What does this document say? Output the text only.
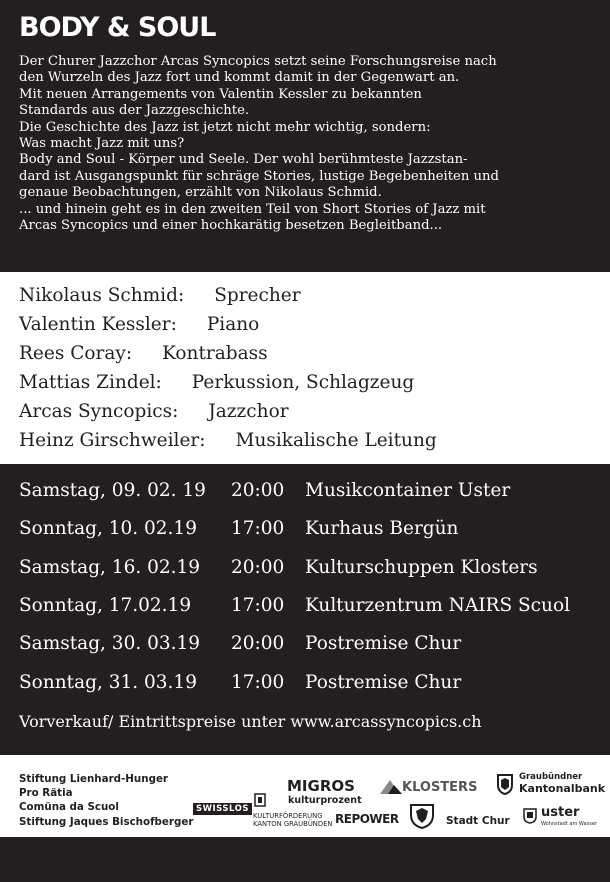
BODY & SOUL
Der Churer Jazzchor Arcas Syncopics setzt seine Forschungsreise nach
den Wurzeln des Jazz fort und kommt damit in der Gegenwart an.
Mit neuen Arrangements von Valentin Kessler zu bekannten
Standards aus der Jazzgeschichte.
Die Geschichte des Jazz ist jetzt nicht mehr wichtig, sondern:
Was macht Jazz mit uns?
Body and Soul - Körper und Seele. Der wohl berühmteste Jazzstan-
dard ist Ausgangspunkt für schräge Stories, lustige Begebenheiten und
genaue Beobachtungen, erzählt von Nikolaus Schmid.
... und hinein geht es in den zweiten Teil von Short Stories of Jazz mit
Arcas Syncopics und einer hochkarätig besetzen Begleitband...
Nikolaus Schmid: Sprecher
Valentin Kessler: Piano
Rees Coray: Kontrabass
Mattias Zindel: Perkussion, Schlagzeug
Arcas Syncopics: Jazzchor
Heinz Girschweiler: Musikalische Leitung
Samstag, 09. 02. 19 20:00 Musikcontainer Uster
Sonntag, 10. 02.19 17:00 Kurhaus Bergün
Samstag, 16. 02.19 20:00 Kulturschuppen Klosters
Sonntag, 17.02.19 17:00 Kulturzentrum NAIRS Scuol
Samstag, 30. 03.19 20:00 Postremise Chur
Sonntag, 31. 03.19 17:00 Postremise Chur
Vorverkauf/ Eintrittspreise unter www.arcassyncopics.ch
Stiftung Lienhard-Hunger
Pro Rätia
Comüna da Scuol
Stiftung Jaques Bischofberger
SWISSLOS
MIGROS
kulturprozent
KULTURFÖRDERUNG
KANTON GRAUBÜNDEN REPOWER
KLOSTERS
Stadt Chur
Graubündner
Kantonalbank
uster
Wohnstadt am Wasser
